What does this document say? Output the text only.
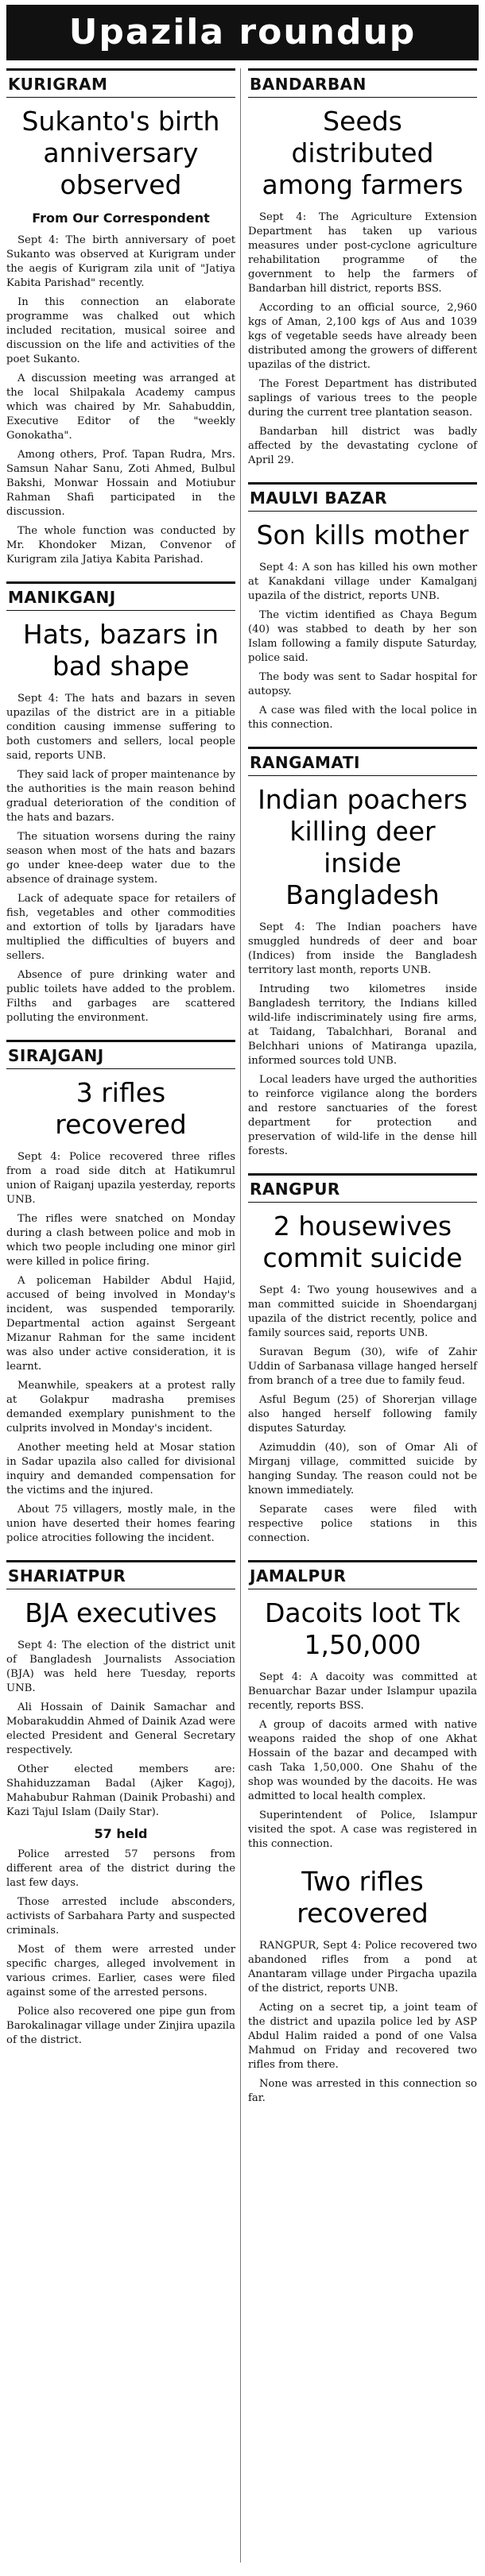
Upazila roundup
KURIGRAM
Sukanto's birth anniversary observed
From Our Correspondent

Sept 4: The birth anniversary of poet Sukanto was observed at Kurigram under the aegis of Kurigram zila unit of "Jatiya Kabita Parishad" recently.

In this connection an elaborate programme was chalked out which included recitation, musical soiree and discussion on the life and activities of the poet Sukanto.

A discussion meeting was arranged at the local Shilpakala Academy campus which was chaired by Mr. Sahabuddin, Executive Editor of the "weekly Gonokatha".

Among others, Prof. Tapan Rudra, Mrs. Samsun Nahar Sanu, Zoti Ahmed, Bulbul Bakshi, Monwar Hossain and Motiubur Rahman Shafi participated in the discussion.

The whole function was conducted by Mr. Khondoker Mizan, Convenor of Kurigram zila Jatiya Kabita Parishad.

MANIKGANJ
Hats, bazars in bad shape

Sept 4: The hats and bazars in seven upazilas of the district are in a pitiable condition causing immense suffering to both customers and sellers, local people said, reports UNB.

They said lack of proper maintenance by the authorities is the main reason behind gradual deterioration of the condition of the hats and bazars.

The situation worsens during the rainy season when most of the hats and bazars go under knee-deep water due to the absence of drainage system.

Lack of adequate space for retailers of fish, vegetables and other commodities and extortion of tolls by Ijaradars have multiplied the difficulties of buyers and sellers.

Absence of pure drinking water and public toilets have added to the problem. Filths and garbages are scattered polluting the environment.

SIRAJGANJ
3 rifles recovered

Sept 4: Police recovered three rifles from a road side ditch at Hatikumrul union of Raiganj upazila yesterday, reports UNB.

The rifles were snatched on Monday during a clash between police and mob in which two people including one minor girl were killed in police firing.

A policeman Habilder Abdul Hajid, accused of being involved in Monday's incident, was suspended temporarily. Departmental action against Sergeant Mizanur Rahman for the same incident was also under active consideration, it is learnt.

Meanwhile, speakers at a protest rally at Golakpur madrasha premises demanded exemplary punishment to the culprits involved in Monday's incident.

Another meeting held at Mosar station in Sadar upazila also called for divisional inquiry and demanded compensation for the victims and the injured.

About 75 villagers, mostly male, in the union have deserted their homes fearing police atrocities following the incident.

SHARIATPUR
BJA executives

Sept 4: The election of the district unit of Bangladesh Journalists Association (BJA) was held here Tuesday, reports UNB.

Ali Hossain of Dainik Samachar and Mobarakuddin Ahmed of Dainik Azad were elected President and General Secretary respectively.

Other elected members are: Shahiduzzaman Badal (Ajker Kagoj), Mahabubur Rahman (Dainik Probashi) and Kazi Tajul Islam (Daily Star).

57 held

Police arrested 57 persons from different area of the district during the last few days.

Those arrested include absconders, activists of Sarbahara Party and suspected criminals.

Most of them were arrested under specific charges, alleged involvement in various crimes. Earlier, cases were filed against some of the arrested persons.

Police also recovered one pipe gun from Barokalinagar village under Zinjira upazila of the district.

BANDARBAN
Seeds distributed among farmers

Sept 4: The Agriculture Extension Department has taken up various measures under post-cyclone agriculture rehabilitation programme of the government to help the farmers of Bandarban hill district, reports BSS.

According to an official source, 2,960 kgs of Aman, 2,100 kgs of Aus and 1039 kgs of vegetable seeds have already been distributed among the growers of different upazilas of the district.

The Forest Department has distributed saplings of various trees to the people during the current tree plantation season.

Bandarban hill district was badly affected by the devastating cyclone of April 29.

MAULVI BAZAR
Son kills mother

Sept 4: A son has killed his own mother at Kanakdani village under Kamalganj upazila of the district, reports UNB.

The victim identified as Chaya Begum (40) was stabbed to death by her son Islam following a family dispute Saturday, police said.

The body was sent to Sadar hospital for autopsy.

A case was filed with the local police in this connection.

RANGAMATI
Indian poachers killing deer inside Bangladesh

Sept 4: The Indian poachers have smuggled hundreds of deer and boar (Indices) from inside the Bangladesh territory last month, reports UNB.

Intruding two kilometres inside Bangladesh territory, the Indians killed wild-life indiscriminately using fire arms, at Taidang, Tabalchhari, Boranal and Belchhari unions of Matiranga upazila, informed sources told UNB.

Local leaders have urged the authorities to reinforce vigilance along the borders and restore sanctuaries of the forest department for protection and preservation of wild-life in the dense hill forests.

RANGPUR
2 housewives commit suicide

Sept 4: Two young housewives and a man committed suicide in Shoendarganj upazila of the district recently, police and family sources said, reports UNB.

Suravan Begum (30), wife of Zahir Uddin of Sarbanasa village hanged herself from branch of a tree due to family feud.

Asful Begum (25) of Shorerjan village also hanged herself following family disputes Saturday.

Azimuddin (40), son of Omar Ali of Mirganj village, committed suicide by hanging Sunday. The reason could not be known immediately.

Separate cases were filed with respective police stations in this connection.

JAMALPUR
Dacoits loot Tk 1,50,000

Sept 4: A dacoity was committed at Benuarchar Bazar under Islampur upazila recently, reports BSS.

A group of dacoits armed with native weapons raided the shop of one Akhat Hossain of the bazar and decamped with cash Taka 1,50,000. One Shahu of the shop was wounded by the dacoits. He was admitted to local health complex.

Superintendent of Police, Islampur visited the spot. A case was registered in this connection.

Two rifles recovered

RANGPUR, Sept 4: Police recovered two abandoned rifles from a pond at Anantaram village under Pirgacha upazila of the district, reports UNB.

Acting on a secret tip, a joint team of the district and upazila police led by ASP Abdul Halim raided a pond of one Valsa Mahmud on Friday and recovered two rifles from there.

None was arrested in this connection so far.
